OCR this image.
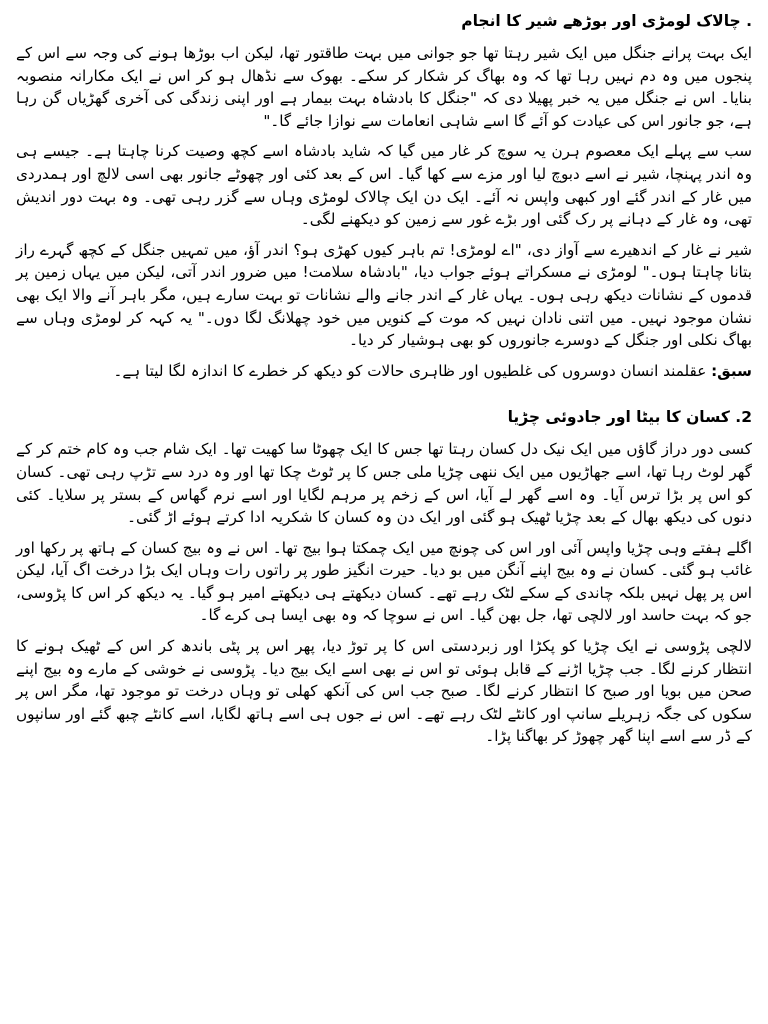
. چالاک لومڑی اور بوڑھے شیر کا انجام

ایک بہت پرانے جنگل میں ایک شیر رہتا تھا جو جوانی میں بہت طاقتور تھا، لیکن اب بوڑھا ہونے کی وجہ سے اس کے پنجوں میں وہ دم نہیں رہا تھا کہ وہ بھاگ کر شکار کر سکے۔ بھوک سے نڈھال ہو کر اس نے ایک مکارانہ منصوبہ بنایا۔ اس نے جنگل میں یہ خبر پھیلا دی کہ "جنگل کا بادشاہ بہت بیمار ہے اور اپنی زندگی کی آخری گھڑیاں گن رہا ہے، جو جانور اس کی عیادت کو آئے گا اسے شاہی انعامات سے نوازا جائے گا۔"

سب سے پہلے ایک معصوم ہرن یہ سوچ کر غار میں گیا کہ شاید بادشاہ اسے کچھ وصیت کرنا چاہتا ہے۔ جیسے ہی وہ اندر پہنچا، شیر نے اسے دبوچ لیا اور مزے سے کھا گیا۔ اس کے بعد کئی اور چھوٹے جانور بھی اسی لالچ اور ہمدردی میں غار کے اندر گئے اور کبھی واپس نہ آئے۔ ایک دن ایک چالاک لومڑی وہاں سے گزر رہی تھی۔ وہ بہت دور اندیش تھی، وہ غار کے دہانے پر رک گئی اور بڑے غور سے زمین کو دیکھنے لگی۔

شیر نے غار کے اندھیرے سے آواز دی، "اے لومڑی! تم باہر کیوں کھڑی ہو؟ اندر آؤ، میں تمہیں جنگل کے کچھ گہرے راز بتانا چاہتا ہوں۔" لومڑی نے مسکراتے ہوئے جواب دیا، "بادشاہ سلامت! میں ضرور اندر آتی، لیکن میں یہاں زمین پر قدموں کے نشانات دیکھ رہی ہوں۔ یہاں غار کے اندر جانے والے نشانات تو بہت سارے ہیں، مگر باہر آنے والا ایک بھی نشان موجود نہیں۔ میں اتنی نادان نہیں کہ موت کے کنویں میں خود چھلانگ لگا دوں۔" یہ کہہ کر لومڑی وہاں سے بھاگ نکلی اور جنگل کے دوسرے جانوروں کو بھی ہوشیار کر دیا۔

سبق: عقلمند انسان دوسروں کی غلطیوں اور ظاہری حالات کو دیکھ کر خطرے کا اندازہ لگا لیتا ہے۔

2. کسان کا بیٹا اور جادوئی چڑیا

کسی دور دراز گاؤں میں ایک نیک دل کسان رہتا تھا جس کا ایک چھوٹا سا کھیت تھا۔ ایک شام جب وہ کام ختم کر کے گھر لوٹ رہا تھا، اسے جھاڑیوں میں ایک ننھی چڑیا ملی جس کا پر ٹوٹ چکا تھا اور وہ درد سے تڑپ رہی تھی۔ کسان کو اس پر بڑا ترس آیا۔ وہ اسے گھر لے آیا، اس کے زخم پر مرہم لگایا اور اسے نرم گھاس کے بستر پر سلایا۔ کئی دنوں کی دیکھ بھال کے بعد چڑیا ٹھیک ہو گئی اور ایک دن وہ کسان کا شکریہ ادا کرتے ہوئے اڑ گئی۔

اگلے ہفتے وہی چڑیا واپس آئی اور اس کی چونچ میں ایک چمکتا ہوا بیج تھا۔ اس نے وہ بیج کسان کے ہاتھ پر رکھا اور غائب ہو گئی۔ کسان نے وہ بیج اپنے آنگن میں بو دیا۔ حیرت انگیز طور پر راتوں رات وہاں ایک بڑا درخت اگ آیا، لیکن اس پر پھل نہیں بلکہ چاندی کے سکے لٹک رہے تھے۔ کسان دیکھتے ہی دیکھتے امیر ہو گیا۔ یہ دیکھ کر اس کا پڑوسی، جو کہ بہت حاسد اور لالچی تھا، جل بھن گیا۔ اس نے سوچا کہ وہ بھی ایسا ہی کرے گا۔

لالچی پڑوسی نے ایک چڑیا کو پکڑا اور زبردستی اس کا پر توڑ دیا، پھر اس پر پٹی باندھ کر اس کے ٹھیک ہونے کا انتظار کرنے لگا۔ جب چڑیا اڑنے کے قابل ہوئی تو اس نے بھی اسے ایک بیج دیا۔ پڑوسی نے خوشی کے مارے وہ بیج اپنے صحن میں بویا اور صبح کا انتظار کرنے لگا۔ صبح جب اس کی آنکھ کھلی تو وہاں درخت تو موجود تھا، مگر اس پر سکوں کی جگہ زہریلے سانپ اور کانٹے لٹک رہے تھے۔ اس نے جوں ہی اسے ہاتھ لگایا، اسے کانٹے چبھ گئے اور سانپوں کے ڈر سے اسے اپنا گھر چھوڑ کر بھاگنا پڑا۔
